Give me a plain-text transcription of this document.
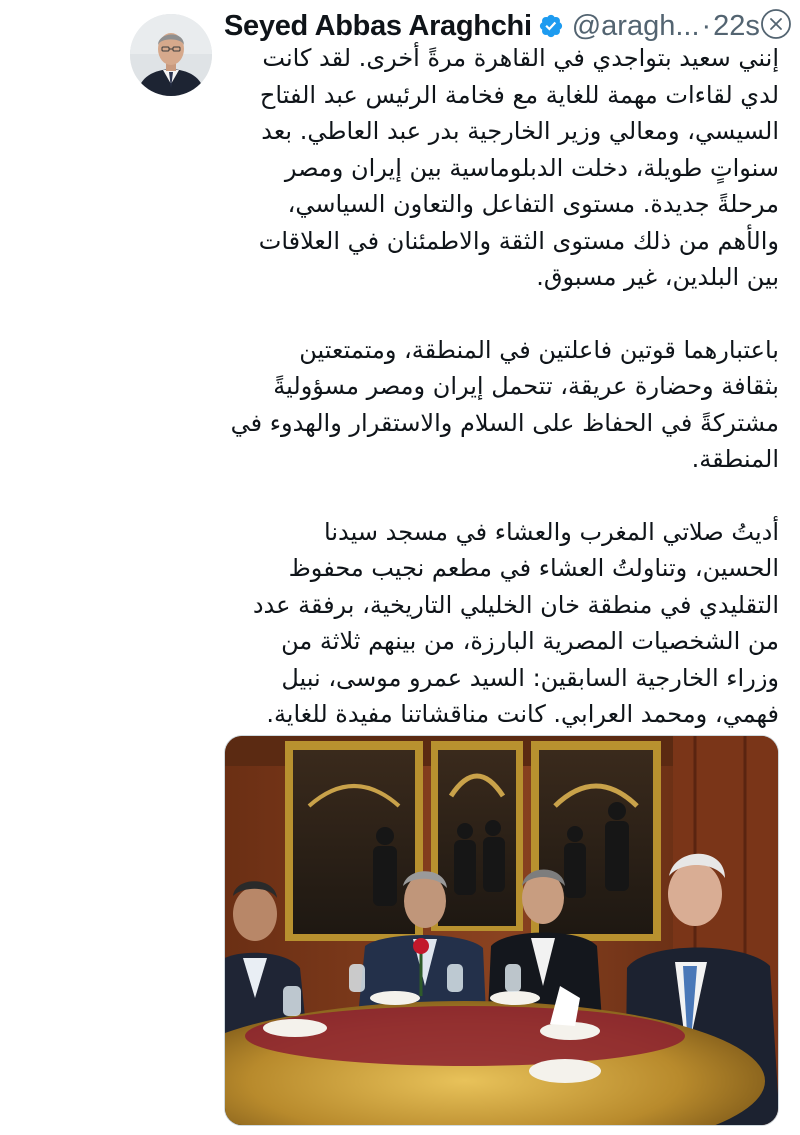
Seyed Abbas Araghchi @aragh... · 22s

إنني سعيد بتواجدي في القاهرة مرةً أخرى. لقد كانت
لدي لقاءات مهمة للغاية مع فخامة الرئيس عبد الفتاح
السيسي، ومعالي وزير الخارجية بدر عبد العاطي. بعد
سنواتٍ طويلة، دخلت الدبلوماسية بين إيران ومصر
مرحلةً جديدة. مستوى التفاعل والتعاون السياسي،
والأهم من ذلك مستوى الثقة والاطمئنان في العلاقات
بين البلدين، غير مسبوق.

باعتبارهما قوتين فاعلتين في المنطقة، ومتمتعتين
بثقافة وحضارة عريقة، تتحمل إيران ومصر مسؤوليةً
مشتركةً في الحفاظ على السلام والاستقرار والهدوء في
المنطقة.

أديتُ صلاتي المغرب والعشاء في مسجد سيدنا
الحسين، وتناولتُ العشاء في مطعم نجيب محفوظ
التقليدي في منطقة خان الخليلي التاريخية، برفقة عدد
من الشخصيات المصرية البارزة، من بينهم ثلاثة من
وزراء الخارجية السابقين: السيد عمرو موسى، نبيل
فهمي، ومحمد العرابي. كانت مناقشاتنا مفيدة للغاية.
